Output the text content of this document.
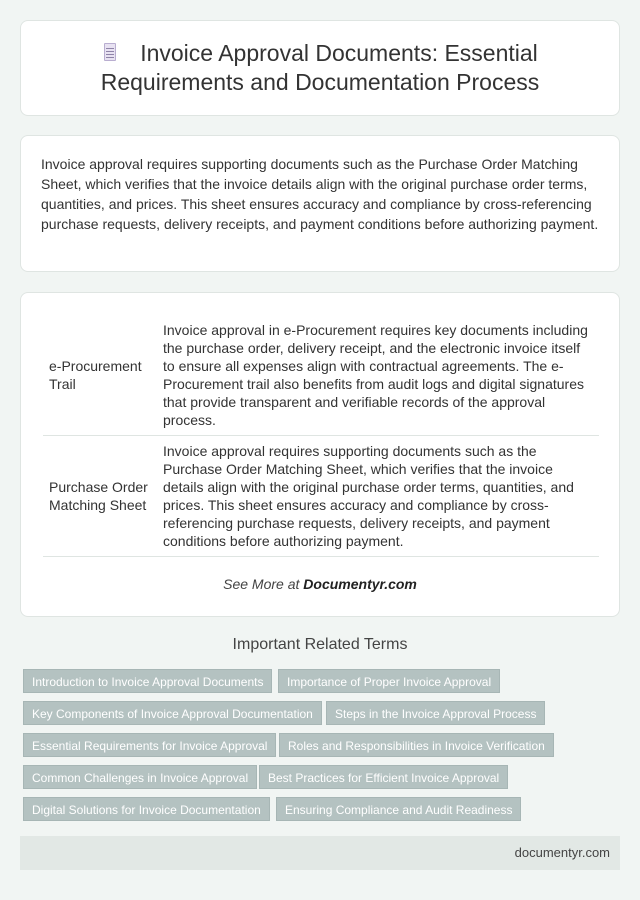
Invoice Approval Documents: Essential Requirements and Documentation Process

Invoice approval requires supporting documents such as the Purchase Order Matching Sheet, which verifies that the invoice details align with the original purchase order terms, quantities, and prices. This sheet ensures accuracy and compliance by cross-referencing purchase requests, delivery receipts, and payment conditions before authorizing payment.

e-Procurement Trail	Invoice approval in e-Procurement requires key documents including the purchase order, delivery receipt, and the electronic invoice itself to ensure all expenses align with contractual agreements. The e-Procurement trail also benefits from audit logs and digital signatures that provide transparent and verifiable records of the approval process.
Purchase Order Matching Sheet	Invoice approval requires supporting documents such as the Purchase Order Matching Sheet, which verifies that the invoice details align with the original purchase order terms, quantities, and prices. This sheet ensures accuracy and compliance by cross-referencing purchase requests, delivery receipts, and payment conditions before authorizing payment.
See More at Documentyr.com
Important Related Terms
Introduction to Invoice Approval Documents	Importance of Proper Invoice Approval
Key Components of Invoice Approval Documentation	Steps in the Invoice Approval Process
Essential Requirements for Invoice Approval	Roles and Responsibilities in Invoice Verification
Common Challenges in Invoice Approval	Best Practices for Efficient Invoice Approval
Digital Solutions for Invoice Documentation	Ensuring Compliance and Audit Readiness
documentyr.com
